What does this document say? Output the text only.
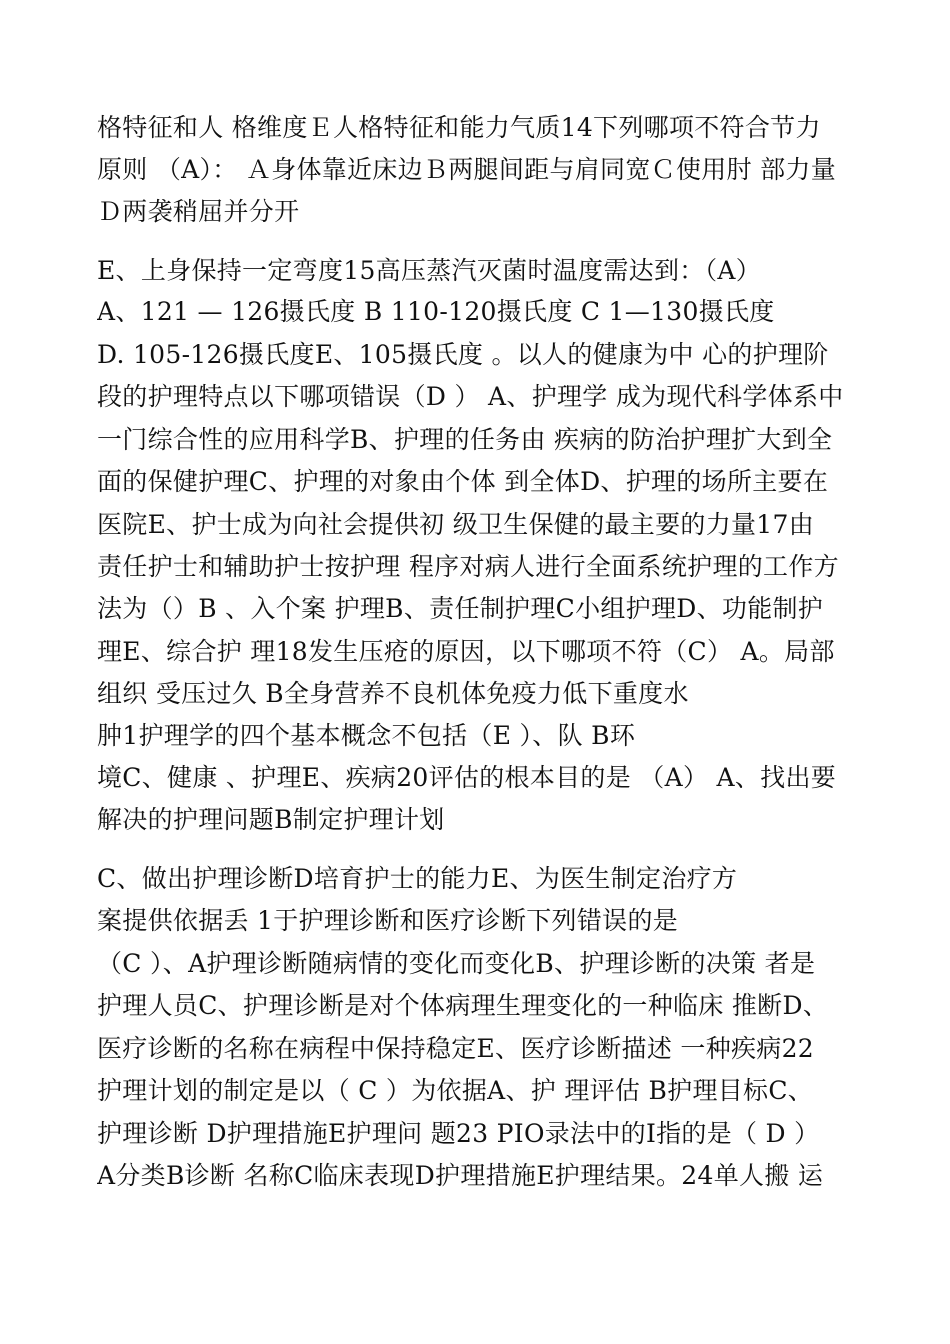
格特征和人 格维度Ｅ人格特征和能力气质14下列哪项不符合节力
原则 （A）： Ａ身体靠近床边Ｂ两腿间距与肩同宽Ｃ使用肘 部力量
Ｄ两袭稍屈并分开
E、上身保持一定弯度15高压蒸汽灭菌时温度需达到：（A）
A、121 — 126摄氏度 B 110-120摄氏度 C 1—130摄氏度
D. 105-126摄氏度E、105摄氏度 。以人的健康为中 心的护理阶
段的护理特点以下哪项错误（D ） A、护理学 成为现代科学体系中
一门综合性的应用科学B、护理的任务由 疾病的防治护理扩大到全
面的保健护理C、护理的对象由个体 到全体D、护理的场所主要在
医院E、护士成为向社会提供初 级卫生保健的最主要的力量17由
责任护士和辅助护士按护理 程序对病人进行全面系统护理的工作方
法为（）B 、入个案 护理B、责任制护理C小组护理D、功能制护
理E、综合护 理18发生压疮的原因，以下哪项不符（C） A。局部
组织 受压过久 B全身营养不良机体免疫力低下重度水
肿1护理学的四个基本概念不包括（E ）、队 B环
境C、健康 、护理E、疾病20评估的根本目的是 （A） A、找出要
解决的护理问题B制定护理计划
C、做出护理诊断D培育护士的能力E、为医生制定治疗方
案提供依据丢 1于护理诊断和医疗诊断下列错误的是
（C ）、A护理诊断随病情的变化而变化B、护理诊断的决策 者是
护理人员C、护理诊断是对个体病理生理变化的一种临床 推断D、
医疗诊断的名称在病程中保持稳定E、医疗诊断描述 一种疾病22
护理计划的制定是以（ C ）为依据A、护 理评估 B护理目标C、
护理诊断 D护理措施E护理问 题23 PIO录法中的I指的是（ D ）
A分类B诊断 名称C临床表现D护理措施E护理结果。24单人搬 运
